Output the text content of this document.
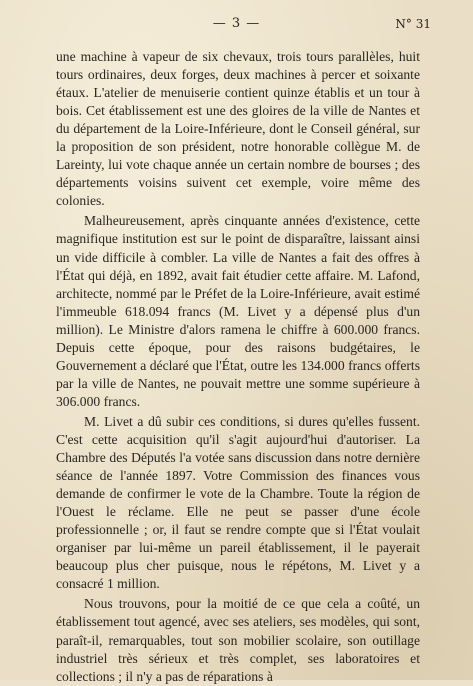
— 3 —	N° 31

une machine à vapeur de six chevaux, trois tours parallèles, huit tours ordinaires, deux forges, deux machines à percer et soixante étaux. L'atelier de menuiserie contient quinze établis et un tour à bois. Cet établissement est une des gloires de la ville de Nantes et du département de la Loire-Inférieure, dont le Conseil général, sur la proposition de son président, notre honorable collègue M. de Lareinty, lui vote chaque année un certain nombre de bourses ; des départements voisins suivent cet exemple, voire même des colonies.

Malheureusement, après cinquante années d'existence, cette magnifique institution est sur le point de disparaître, laissant ainsi un vide difficile à combler. La ville de Nantes a fait des offres à l'État qui déjà, en 1892, avait fait étudier cette affaire. M. Lafond, architecte, nommé par le Préfet de la Loire-Inférieure, avait estimé l'immeuble 618.094 francs (M. Livet y a dépensé plus d'un million). Le Ministre d'alors ramena le chiffre à 600.000 francs. Depuis cette époque, pour des raisons budgétaires, le Gouvernement a déclaré que l'État, outre les 134.000 francs offerts par la ville de Nantes, ne pouvait mettre une somme supérieure à 306.000 francs.

M. Livet a dû subir ces conditions, si dures qu'elles fussent. C'est cette acquisition qu'il s'agit aujourd'hui d'autoriser. La Chambre des Députés l'a votée sans discussion dans notre dernière séance de l'année 1897. Votre Commission des finances vous demande de confirmer le vote de la Chambre. Toute la région de l'Ouest le réclame. Elle ne peut se passer d'une école professionnelle ; or, il faut se rendre compte que si l'État voulait organiser par lui-même un pareil établissement, il le payerait beaucoup plus cher puisque, nous le répétons, M. Livet y a consacré 1 million.

Nous trouvons, pour la moitié de ce que cela a coûté, un établissement tout agencé, avec ses ateliers, ses modèles, qui sont, paraît-il, remarquables, tout son mobilier scolaire, son outillage industriel très sérieux et très complet, ses laboratoires et collections ; il n'y a pas de réparations à
